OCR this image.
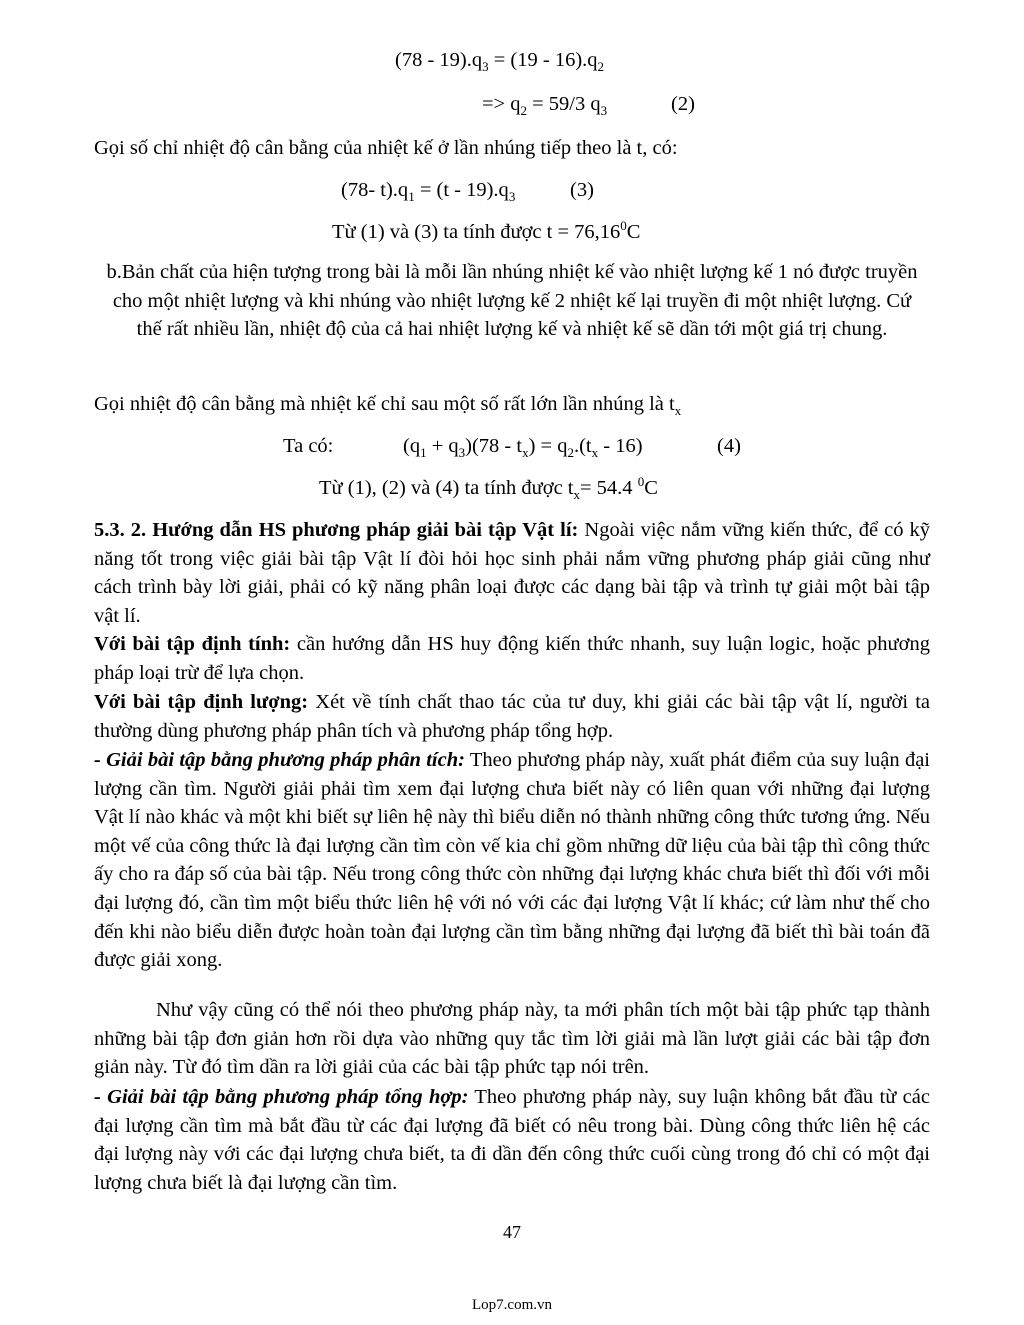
$(78 - 19).q_3 = (19 - 16).q_2$
=> $q_2 = 59/3$ $q_3$	(2)
Gọi số chỉ nhiệt độ cân bằng của nhiệt kế ở lần nhúng tiếp theo là t, có:
(78- $t).q_1 = (t - 19).q_3$	(3)
Từ (1) và (3) ta tính được $t = 76,16^0C$

b.Bản chất của hiện tượng trong bài là mỗi lần nhúng nhiệt kế vào nhiệt lượng kế 1 nó được truyền cho một nhiệt lượng và khi nhúng vào nhiệt lượng kế 2 nhiệt kế lại truyền đi một nhiệt lượng. Cứ thế rất nhiều lần, nhiệt độ của cả hai nhiệt lượng kế và nhiệt kế sẽ dần tới một giá trị chung.

Gọi nhiệt độ cân bằng mà nhiệt kế chỉ sau một số rất lớn lần nhúng là $t_x$
Ta có:	$(q_1 + q_3)(78 - t_x) = q_2.(t_x - 16)$	(4)
Từ (1), (2) và (4) ta tính được $t_x= 54.4$ $^0$C

5.3. 2. Hướng dẫn HS phương pháp giải bài tập Vật lí: Ngoài việc nắm vững kiến thức, để có kỹ năng tốt trong việc giải bài tập Vật lí đòi hỏi học sinh phải nắm vững phương pháp giải cũng như cách trình bày lời giải, phải có kỹ năng phân loại được các dạng bài tập và trình tự giải một bài tập vật lí.

Với bài tập định tính: cần hướng dẫn HS huy động kiến thức nhanh, suy luận logic, hoặc phương pháp loại trừ để lựa chọn.

Với bài tập định lượng: Xét về tính chất thao tác của tư duy, khi giải các bài tập vật lí, người ta thường dùng phương pháp phân tích và phương pháp tổng hợp.

- Giải bài tập bằng phương pháp phân tích: Theo phương pháp này, xuất phát điểm của suy luận đại lượng cần tìm. Người giải phải tìm xem đại lượng chưa biết này có liên quan với những đại lượng Vật lí nào khác và một khi biết sự liên hệ này thì biểu diễn nó thành những công thức tương ứng. Nếu một vế của công thức là đại lượng cần tìm còn vế kia chỉ gồm những dữ liệu của bài tập thì công thức ấy cho ra đáp số của bài tập. Nếu trong công thức còn những đại lượng khác chưa biết thì đối với mỗi đại lượng đó, cần tìm một biểu thức liên hệ với nó với các đại lượng Vật lí khác; cứ làm như thế cho đến khi nào biểu diễn được hoàn toàn đại lượng cần tìm bằng những đại lượng đã biết thì bài toán đã được giải xong.

Như vậy cũng có thể nói theo phương pháp này, ta mới phân tích một bài tập phức tạp thành những bài tập đơn giản hơn rồi dựa vào những quy tắc tìm lời giải mà lần lượt giải các bài tập đơn giản này. Từ đó tìm dần ra lời giải của các bài tập phức tạp nói trên.

- Giải bài tập bằng phương pháp tổng hợp: Theo phương pháp này, suy luận không bắt đầu từ các đại lượng cần tìm mà bắt đầu từ các đại lượng đã biết có nêu trong bài. Dùng công thức liên hệ các đại lượng này với các đại lượng chưa biết, ta đi dần đến công thức cuối cùng trong đó chỉ có một đại lượng chưa biết là đại lượng cần tìm.

47
Lop7.com.vn
